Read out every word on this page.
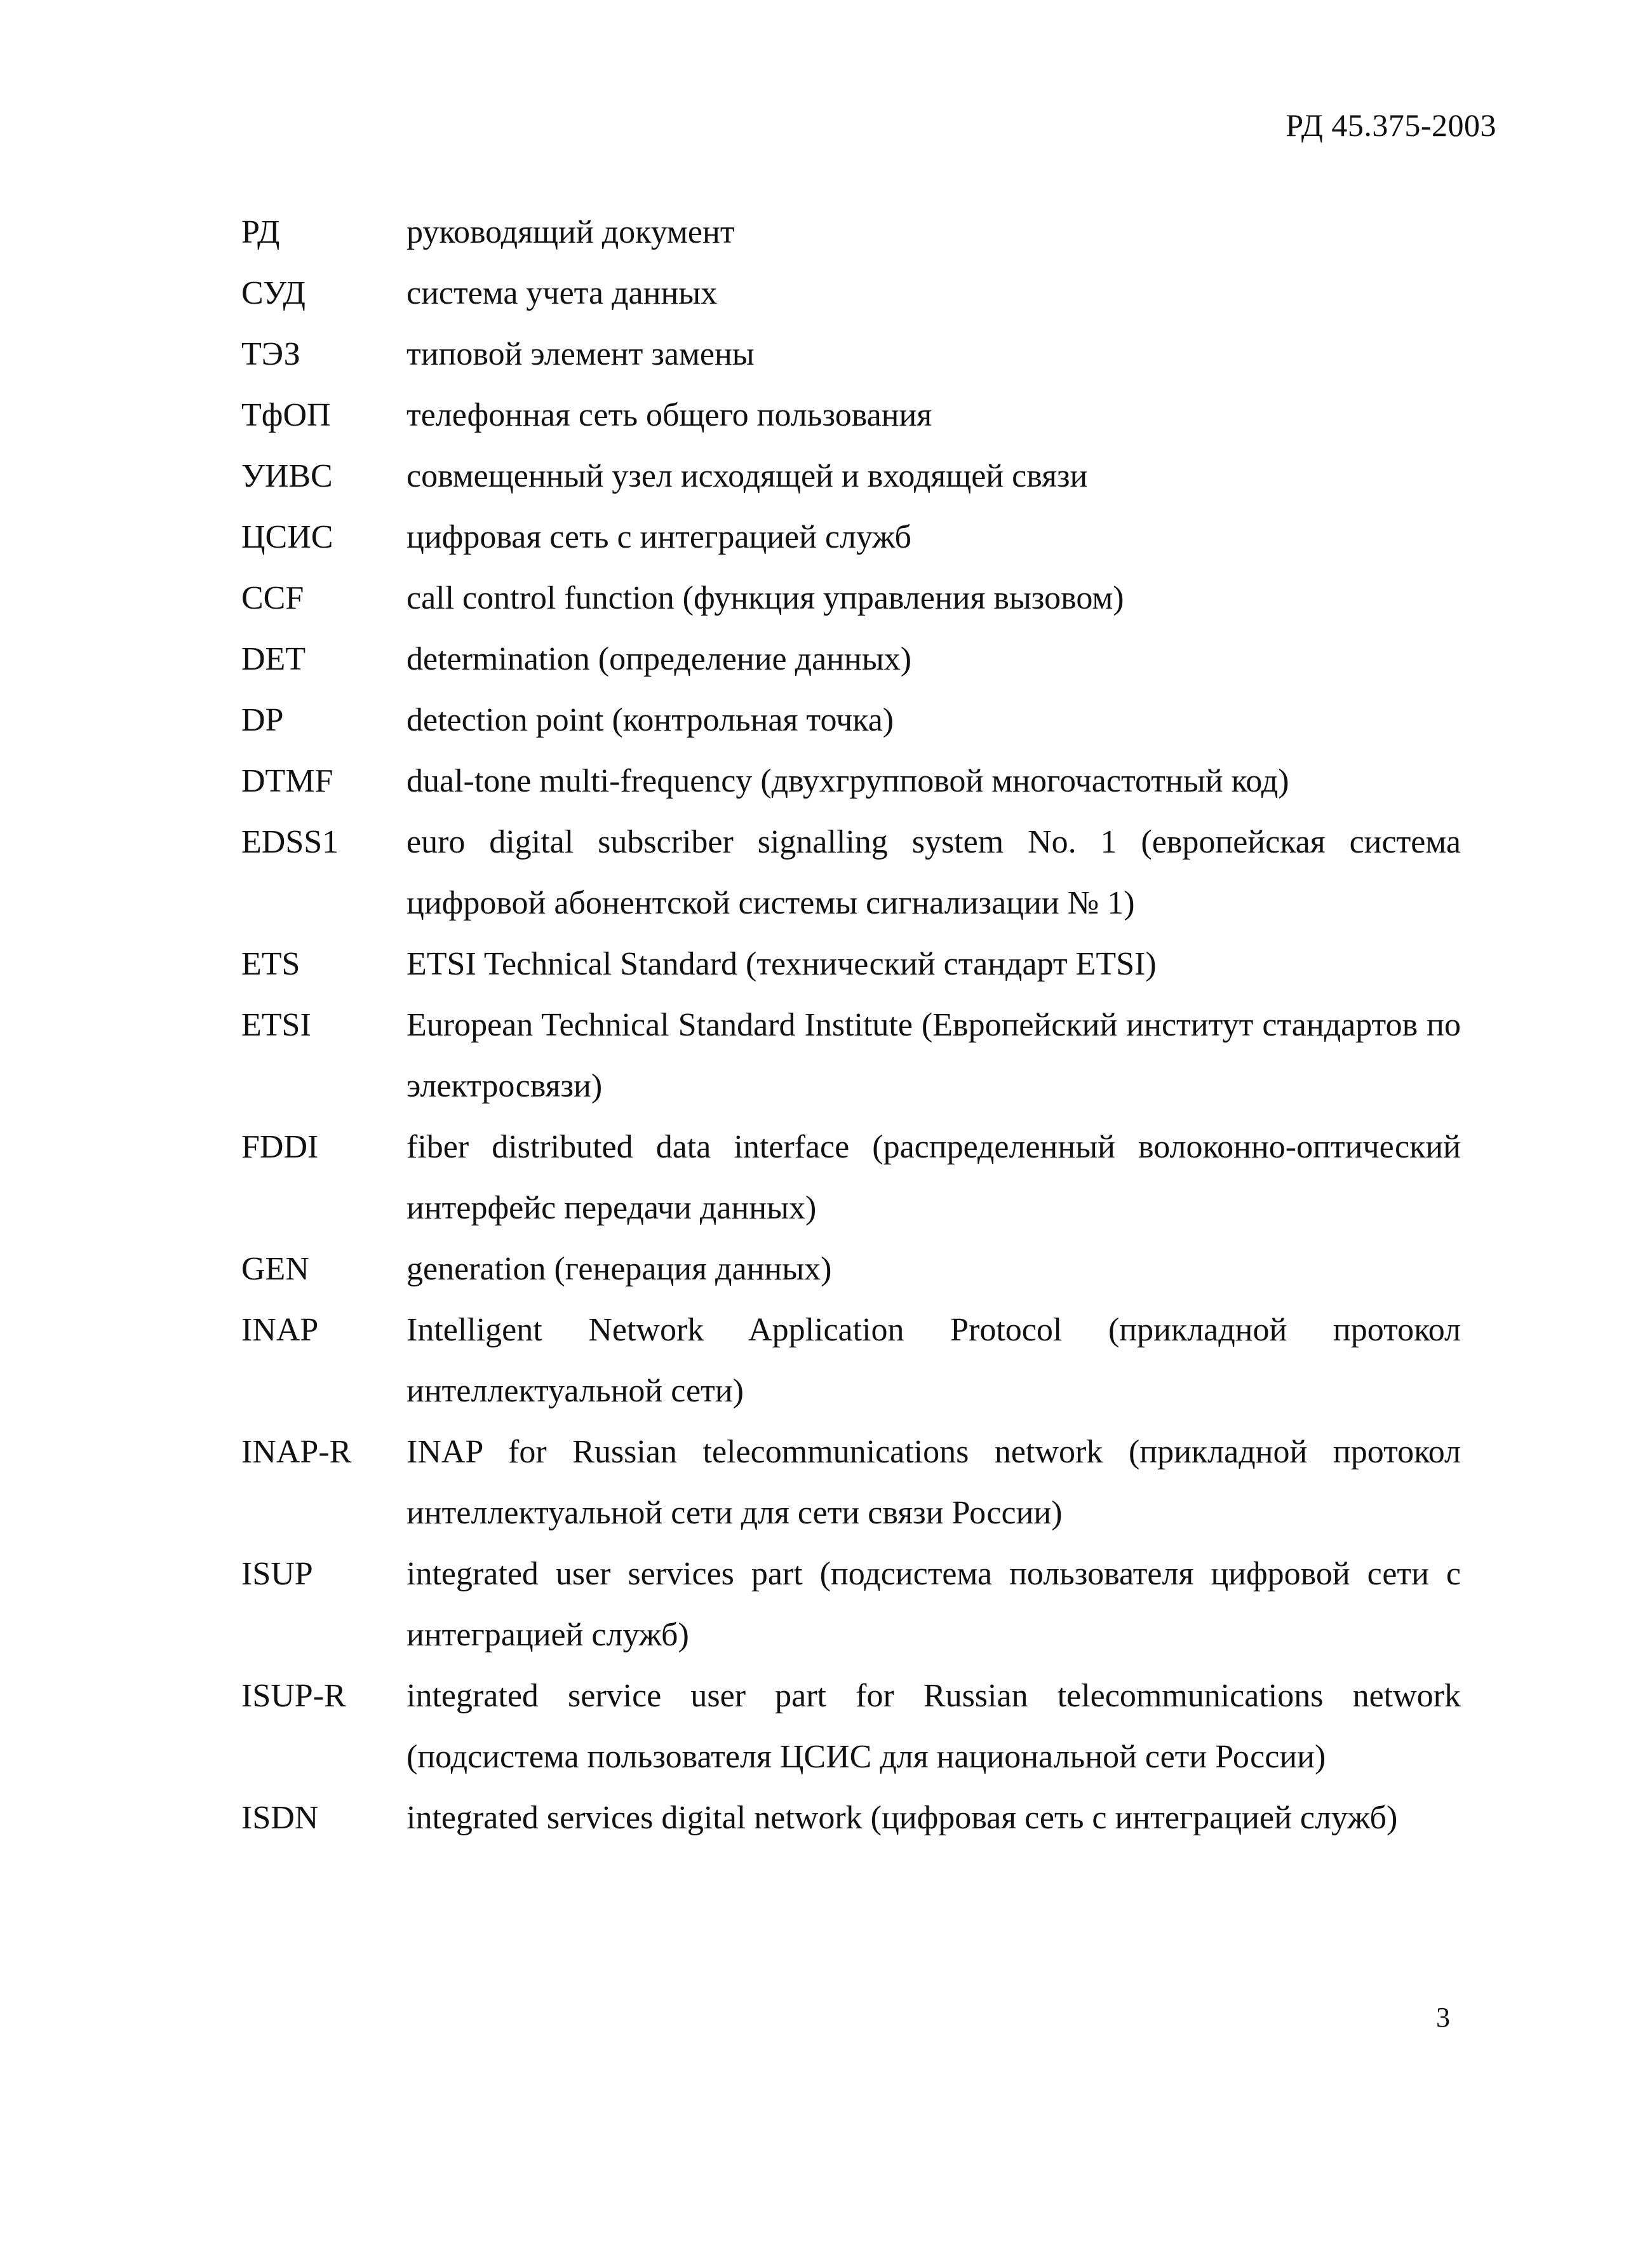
РД 45.375-2003
РД	руководящий документ
СУД	система учета данных
ТЭЗ	типовой элемент замены
ТфОП	телефонная сеть общего пользования
УИВС	совмещенный узел исходящей и входящей связи
ЦСИС	цифровая сеть с интеграцией служб
CCF	call control function (функция управления вызовом)
DET	determination (определение данных)
DP	detection point (контрольная точка)
DTMF	dual-tone multi-frequency (двухгрупповой многочастотный код)
EDSS1	euro digital subscriber signalling system No. 1 (европейская система цифровой абонентской системы сигнализации № 1)
ETS	ETSI Technical Standard (технический стандарт ETSI)
ETSI	European Technical Standard Institute (Европейский институт стандартов по электросвязи)
FDDI	fiber distributed data interface (распределенный волоконно-оптический интерфейс передачи данных)
GEN	generation (генерация данных)
INAP	Intelligent Network Application Protocol (прикладной протокол интеллектуальной сети)
INAP-R	INAP for Russian telecommunications network (прикладной протокол интеллектуальной сети для сети связи России)
ISUP	integrated user services part (подсистема пользователя цифровой сети с интеграцией служб)
ISUP-R	integrated service user part for Russian telecommunications network (подсистема пользователя ЦСИС для национальной сети России)
ISDN	integrated services digital network (цифровая сеть с интеграцией служб)
3
